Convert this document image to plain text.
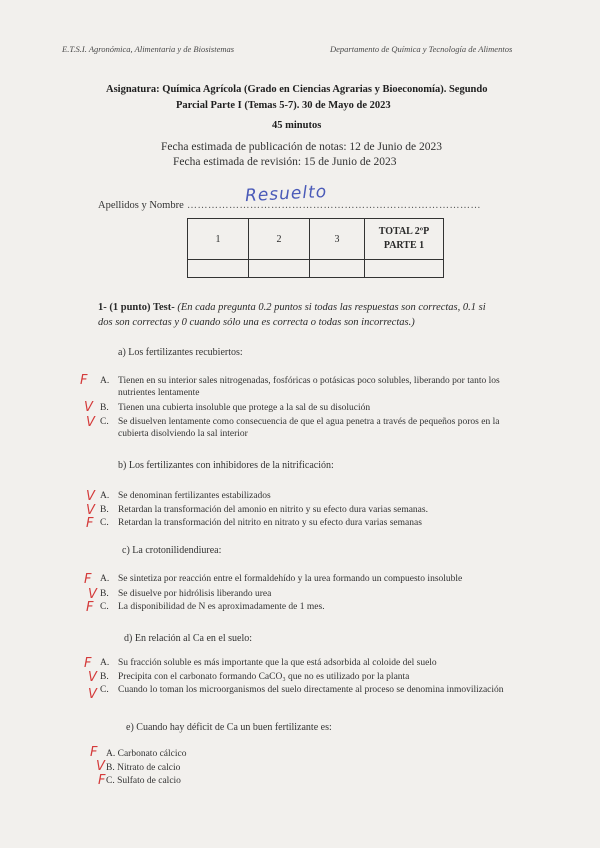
E.T.S.I. Agronómica, Alimentaria y de Biosistemas	Departamento de Química y Tecnología de Alimentos
Asignatura: Química Agrícola (Grado en Ciencias Agrarias y Bioeconomía). Segundo
Parcial Parte I (Temas 5-7). 30 de Mayo de 2023
45 minutos
Fecha estimada de publicación de notas: 12 de Junio de 2023
Fecha estimada de revisión: 15 de Junio de 2023
Apellidos y Nombre …………………………………………………………………………
Resuelto
1	2	3	TOTAL 2ºP PARTE 1

1- (1 punto) Test- (En cada pregunta 0.2 puntos si todas las respuestas son correctas, 0.1 si dos son correctas y 0 cuando sólo una es correcta o todas son incorrectas.)
a) Los fertilizantes recubiertos:
F A. Tienen en su interior sales nitrogenadas, fosfóricas o potásicas poco solubles, liberando por tanto los nutrientes lentamente
V B. Tienen una cubierta insoluble que protege a la sal de su disolución
V C. Se disuelven lentamente como consecuencia de que el agua penetra a través de pequeños poros en la cubierta disolviendo la sal interior
b) Los fertilizantes con inhibidores de la nitrificación:
V A. Se denominan fertilizantes estabilizados
V B. Retardan la transformación del amonio en nitrito y su efecto dura varias semanas.
F C. Retardan la transformación del nitrito en nitrato y su efecto dura varias semanas
c) La crotonilidendiurea:
F A. Se sintetiza por reacción entre el formaldehído y la urea formando un compuesto insoluble
V B. Se disuelve por hidrólisis liberando urea
F C. La disponibilidad de N es aproximadamente de 1 mes.
d) En relación al Ca en el suelo:
F A. Su fracción soluble es más importante que la que está adsorbida al coloide del suelo
V B. Precipita con el carbonato formando CaCO₃ que no es utilizado por la planta
V C. Cuando lo toman los microorganismos del suelo directamente al proceso se denomina inmovilización
e) Cuando hay déficit de Ca un buen fertilizante es:
F A. Carbonato cálcico
V B. Nitrato de calcio
F C. Sulfato de calcio
